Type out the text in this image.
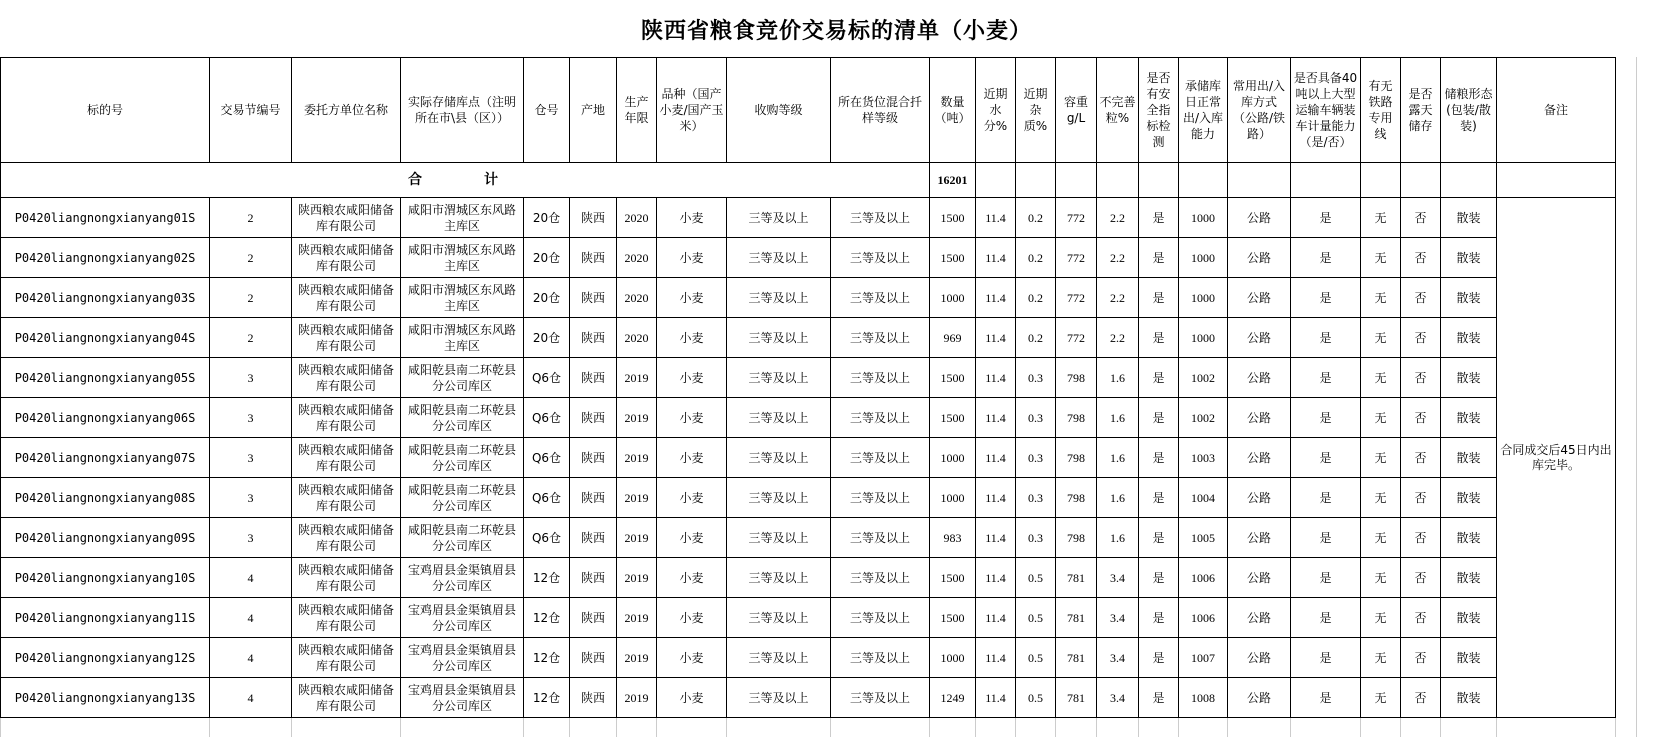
陕西省粮食竞价交易标的清单（小麦）
标的号	交易节编号	委托方单位名称	实际存储库点（注明所在市\县（区））	仓号	产地	生产年限	品种（国产小麦/国产玉米）	收购等级	所在货位混合扦样等级	数量（吨）	近期水分%	近期杂质%	容重g/L	不完善粒%	是否有安全指标检测	承储库日正常出/入库能力	常用出/入库方式（公路/铁路）	是否具备40吨以上大型运输车辆装车计量能力（是/否）	有无铁路专用线	是否露天储存	储粮形态(包装/散装)	备注
合　计										16201												
P0420liangnongxianyang01S	2	陕西粮农咸阳储备库有限公司	咸阳市渭城区东风路主库区	20仓	陕西	2020	小麦	三等及以上	三等及以上	1500	11.4	0.2	772	2.2	是	1000	公路	是	无	否	散装	合同成交后45日内出库完毕。
P0420liangnongxianyang02S	2	陕西粮农咸阳储备库有限公司	咸阳市渭城区东风路主库区	20仓	陕西	2020	小麦	三等及以上	三等及以上	1500	11.4	0.2	772	2.2	是	1000	公路	是	无	否	散装	
P0420liangnongxianyang03S	2	陕西粮农咸阳储备库有限公司	咸阳市渭城区东风路主库区	20仓	陕西	2020	小麦	三等及以上	三等及以上	1000	11.4	0.2	772	2.2	是	1000	公路	是	无	否	散装	
P0420liangnongxianyang04S	2	陕西粮农咸阳储备库有限公司	咸阳市渭城区东风路主库区	20仓	陕西	2020	小麦	三等及以上	三等及以上	969	11.4	0.2	772	2.2	是	1000	公路	是	无	否	散装	
P0420liangnongxianyang05S	3	陕西粮农咸阳储备库有限公司	咸阳乾县南二环乾县分公司库区	Q6仓	陕西	2019	小麦	三等及以上	三等及以上	1500	11.4	0.3	798	1.6	是	1002	公路	是	无	否	散装	
P0420liangnongxianyang06S	3	陕西粮农咸阳储备库有限公司	咸阳乾县南二环乾县分公司库区	Q6仓	陕西	2019	小麦	三等及以上	三等及以上	1500	11.4	0.3	798	1.6	是	1002	公路	是	无	否	散装	
P0420liangnongxianyang07S	3	陕西粮农咸阳储备库有限公司	咸阳乾县南二环乾县分公司库区	Q6仓	陕西	2019	小麦	三等及以上	三等及以上	1000	11.4	0.3	798	1.6	是	1003	公路	是	无	否	散装	
P0420liangnongxianyang08S	3	陕西粮农咸阳储备库有限公司	咸阳乾县南二环乾县分公司库区	Q6仓	陕西	2019	小麦	三等及以上	三等及以上	1000	11.4	0.3	798	1.6	是	1004	公路	是	无	否	散装	
P0420liangnongxianyang09S	3	陕西粮农咸阳储备库有限公司	咸阳乾县南二环乾县分公司库区	Q6仓	陕西	2019	小麦	三等及以上	三等及以上	983	11.4	0.3	798	1.6	是	1005	公路	是	无	否	散装	
P0420liangnongxianyang10S	4	陕西粮农咸阳储备库有限公司	宝鸡眉县金渠镇眉县分公司库区	12仓	陕西	2019	小麦	三等及以上	三等及以上	1500	11.4	0.5	781	3.4	是	1006	公路	是	无	否	散装	
P0420liangnongxianyang11S	4	陕西粮农咸阳储备库有限公司	宝鸡眉县金渠镇眉县分公司库区	12仓	陕西	2019	小麦	三等及以上	三等及以上	1500	11.4	0.5	781	3.4	是	1006	公路	是	无	否	散装	
P0420liangnongxianyang12S	4	陕西粮农咸阳储备库有限公司	宝鸡眉县金渠镇眉县分公司库区	12仓	陕西	2019	小麦	三等及以上	三等及以上	1000	11.4	0.5	781	3.4	是	1007	公路	是	无	否	散装	
P0420liangnongxianyang13S	4	陕西粮农咸阳储备库有限公司	宝鸡眉县金渠镇眉县分公司库区	12仓	陕西	2019	小麦	三等及以上	三等及以上	1249	11.4	0.5	781	3.4	是	1008	公路	是	无	否	散装	
